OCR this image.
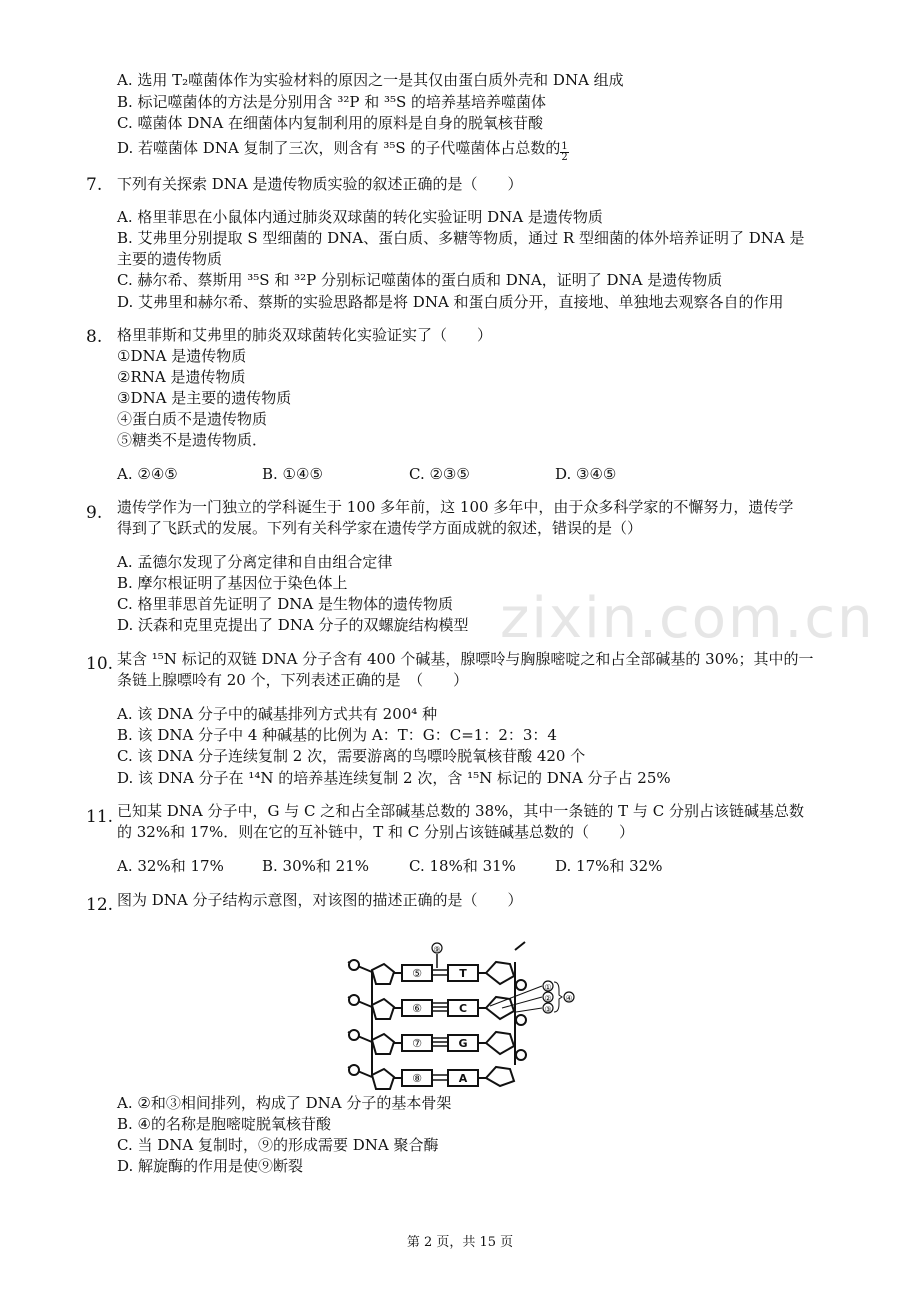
zixin.com.cn
A. 选用 T₂噬菌体作为实验材料的原因之一是其仅由蛋白质外壳和 DNA 组成
B. 标记噬菌体的方法是分别用含 ³²P 和 ³⁵S 的培养基培养噬菌体
C. 噬菌体 DNA 在细菌体内复制利用的原料是自身的脱氧核苷酸
D. 若噬菌体 DNA 复制了三次，则含有 ³⁵S 的子代噬菌体占总数的 $\frac{1}{2}$
7. 下列有关探索 DNA 是遗传物质实验的叙述正确的是（　　）
A. 格里菲思在小鼠体内通过肺炎双球菌的转化实验证明 DNA 是遗传物质
B. 艾弗里分别提取 S 型细菌的 DNA、蛋白质、多糖等物质，通过 R 型细菌的体外培养证明了 DNA 是
主要的遗传物质
C. 赫尔希、蔡斯用 ³⁵S 和 ³²P 分别标记噬菌体的蛋白质和 DNA，证明了 DNA 是遗传物质
D. 艾弗里和赫尔希、蔡斯的实验思路都是将 DNA 和蛋白质分开，直接地、单独地去观察各自的作用
8. 格里菲斯和艾弗里的肺炎双球菌转化实验证实了（　　）
①DNA 是遗传物质
②RNA 是遗传物质
③DNA 是主要的遗传物质
④蛋白质不是遗传物质
⑤糖类不是遗传物质．
A. ②④⑤	B. ①④⑤	C. ②③⑤	D. ③④⑤
9. 遗传学作为一门独立的学科诞生于 100 多年前，这 100 多年中，由于众多科学家的不懈努力，遗传学
得到了飞跃式的发展。下列有关科学家在遗传学方面成就的叙述，错误的是（）
A. 孟德尔发现了分离定律和自由组合定律
B. 摩尔根证明了基因位于染色体上
C. 格里菲思首先证明了 DNA 是生物体的遗传物质
D. 沃森和克里克提出了 DNA 分子的双螺旋结构模型
10. 某含 ¹⁵N 标记的双链 DNA 分子含有 400 个碱基，腺嘌呤与胸腺嘧啶之和占全部碱基的 30%；其中的一
条链上腺嘌呤有 20 个，下列表述正确的是　（　　）
A. 该 DNA 分子中的碱基排列方式共有 200⁴ 种
B. 该 DNA 分子中 4 种碱基的比例为 A：T：G：C=1：2：3：4
C. 该 DNA 分子连续复制 2 次，需要游离的鸟嘌呤脱氧核苷酸 420 个
D. 该 DNA 分子在 ¹⁴N 的培养基连续复制 2 次，含 ¹⁵N 标记的 DNA 分子占 25%
11. 已知某 DNA 分子中，G 与 C 之和占全部碱基总数的 38%，其中一条链的 T 与 C 分别占该链碱基总数
的 32%和 17%．则在它的互补链中，T 和 C 分别占该链碱基总数的（　　）
A. 32%和 17%	B. 30%和 21%	C. 18%和 31%	D. 17%和 32%
12. 图为 DNA 分子结构示意图，对该图的描述正确的是（　　）
⑤
⑥
⑦
⑧
⑨
T
C
G
A
①
②
③
④
A. ②和③相间排列，构成了 DNA 分子的基本骨架
B. ④的名称是胞嘧啶脱氧核苷酸
C. 当 DNA 复制时，⑨的形成需要 DNA 聚合酶
D. 解旋酶的作用是使⑨断裂
第 2 页，共 15 页
